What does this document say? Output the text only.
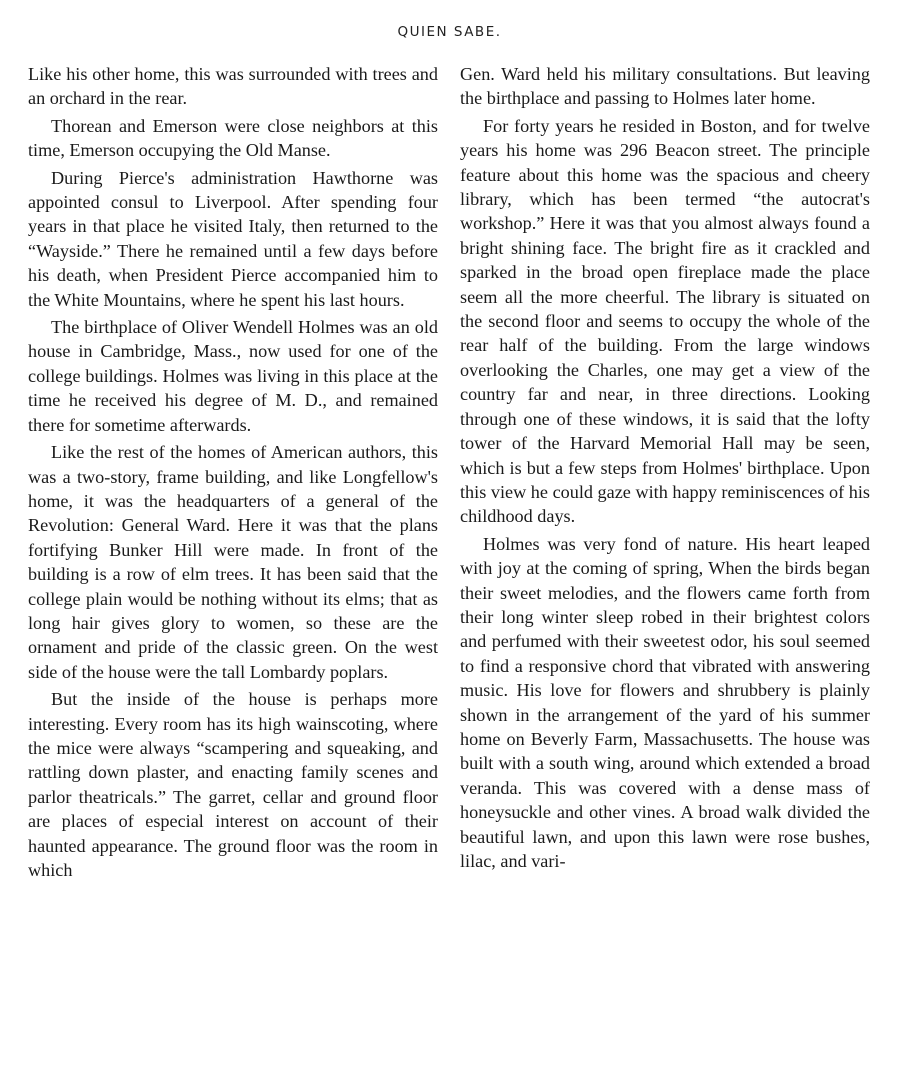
QUIEN SABE.

Like his other home, this was surrounded with trees and an orchard in the rear.

Thorean and Emerson were close neighbors at this time, Emerson occupying the Old Manse.

During Pierce's administration Hawthorne was appointed consul to Liverpool. After spending four years in that place he visited Italy, then returned to the “Wayside.” There he remained until a few days before his death, when President Pierce accompanied him to the White Mountains, where he spent his last hours.

The birthplace of Oliver Wendell Holmes was an old house in Cambridge, Mass., now used for one of the college buildings. Holmes was living in this place at the time he received his degree of M. D., and remained there for sometime afterwards.

Like the rest of the homes of American authors, this was a two-story, frame building, and like Longfellow's home, it was the headquarters of a general of the Revolution: General Ward. Here it was that the plans fortifying Bunker Hill were made. In front of the building is a row of elm trees. It has been said that the college plain would be nothing without its elms; that as long hair gives glory to women, so these are the ornament and pride of the classic green. On the west side of the house were the tall Lombardy poplars.

But the inside of the house is perhaps more interesting. Every room has its high wainscoting, where the mice were always “scampering and squeaking, and rattling down plaster, and enacting family scenes and parlor theatricals.” The garret, cellar and ground floor are places of especial interest on account of their haunted appearance. The ground floor was the room in which

Gen. Ward held his military consultations. But leaving the birthplace and passing to Holmes later home.

For forty years he resided in Boston, and for twelve years his home was 296 Beacon street. The principle feature about this home was the spacious and cheery library, which has been termed “the autocrat's workshop.” Here it was that you almost always found a bright shining face. The bright fire as it crackled and sparked in the broad open fireplace made the place seem all the more cheerful. The library is situated on the second floor and seems to occupy the whole of the rear half of the building. From the large windows overlooking the Charles, one may get a view of the country far and near, in three directions. Looking through one of these windows, it is said that the lofty tower of the Harvard Memorial Hall may be seen, which is but a few steps from Holmes' birthplace. Upon this view he could gaze with happy reminiscences of his childhood days.

Holmes was very fond of nature. His heart leaped with joy at the coming of spring, When the birds began their sweet melodies, and the flowers came forth from their long winter sleep robed in their brightest colors and perfumed with their sweetest odor, his soul seemed to find a responsive chord that vibrated with answering music. His love for flowers and shrubbery is plainly shown in the arrangement of the yard of his summer home on Beverly Farm, Massachusetts. The house was built with a south wing, around which extended a broad veranda. This was covered with a dense mass of honeysuckle and other vines. A broad walk divided the beautiful lawn, and upon this lawn were rose bushes, lilac, and vari-
